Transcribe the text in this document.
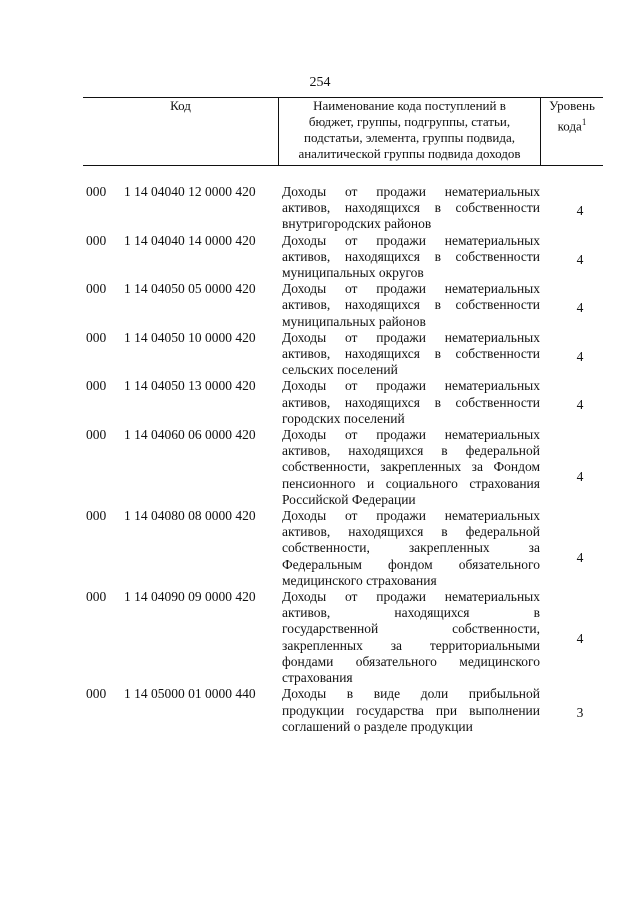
254
Код	Наименование кода поступлений в
бюджет, группы, подгруппы, статьи,
подстатьи, элемента, группы подвида,
аналитической группы подвида доходов
Уровень
кода$^1$
000 1 14 04040 12 0000 420 Доходы от продажи нематериальных
активов, находящихся в собственности
внутригородских районов
4
000 1 14 04040 14 0000 420 Доходы от продажи нематериальных
активов, находящихся в собственности
муниципальных округов
4
000 1 14 04050 05 0000 420 Доходы от продажи нематериальных
активов, находящихся в собственности
муниципальных районов
4
000 1 14 04050 10 0000 420 Доходы от продажи нематериальных
активов, находящихся в собственности
сельских поселений
4
000 1 14 04050 13 0000 420 Доходы от продажи нематериальных
активов, находящихся в собственности
городских поселений
4
000 1 14 04060 06 0000 420 Доходы от продажи нематериальных
активов, находящихся в федеральной
собственности, закрепленных за Фондом
пенсионного и социального страхования
Российской Федерации
4
000 1 14 04080 08 0000 420 Доходы от продажи нематериальных
активов, находящихся в федеральной
собственности, закрепленных за
Федеральным фондом обязательного
медицинского страхования
4
000 1 14 04090 09 0000 420 Доходы от продажи нематериальных
активов, находящихся в
государственной собственности,
закрепленных за территориальными
фондами обязательного медицинского
страхования
4
000 1 14 05000 01 0000 440 Доходы в виде доли прибыльной
продукции государства при выполнении
соглашений о разделе продукции
3
